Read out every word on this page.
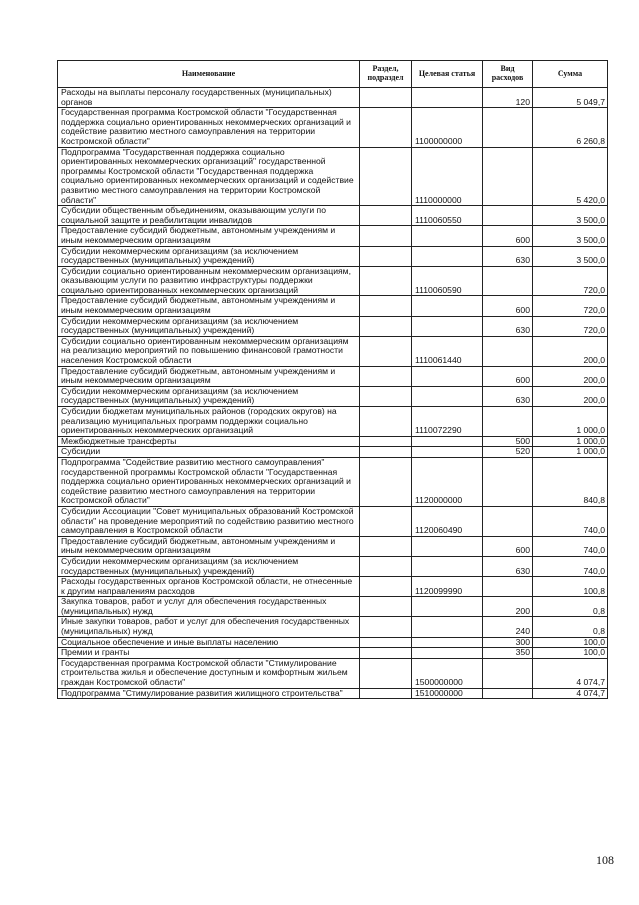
Наименование	Раздел, подраздел	Целевая статья	Вид расходов	Сумма
Расходы на выплаты персоналу государственных (муниципальных) органов			120	5 049,7
Государственная программа Костромской области "Государственная поддержка социально ориентированных некоммерческих организаций и содействие развитию местного самоуправления на территории Костромской области"		1100000000		6 260,8
Подпрограмма "Государственная поддержка социально ориентированных некоммерческих организаций" государственной программы Костромской области "Государственная поддержка социально ориентированных некоммерческих организаций и содействие развитию местного самоуправления на территории Костромской области"		1110000000		5 420,0
Субсидии общественным объединениям, оказывающим услуги по социальной защите и реабилитации инвалидов		1110060550		3 500,0
Предоставление субсидий бюджетным, автономным учреждениям и иным некоммерческим организациям			600	3 500,0
Субсидии некоммерческим организациям (за исключением государственных (муниципальных) учреждений)			630	3 500,0
Субсидии социально ориентированным некоммерческим организациям, оказывающим услуги по развитию инфраструктуры поддержки социально ориентированных некоммерческих организаций		1110060590		720,0
Предоставление субсидий бюджетным, автономным учреждениям и иным некоммерческим организациям			600	720,0
Субсидии некоммерческим организациям (за исключением государственных (муниципальных) учреждений)			630	720,0
Субсидии социально ориентированным некоммерческим организациям на реализацию мероприятий по повышению финансовой грамотности населения Костромской области		1110061440		200,0
Предоставление субсидий бюджетным, автономным учреждениям и иным некоммерческим организациям			600	200,0
Субсидии некоммерческим организациям (за исключением государственных (муниципальных) учреждений)			630	200,0
Субсидии бюджетам муниципальных районов (городских округов) на реализацию муниципальных программ поддержки социально ориентированных некоммерческих организаций		1110072290		1 000,0
Межбюджетные трансферты			500	1 000,0
Субсидии			520	1 000,0
Подпрограмма "Содействие развитию местного самоуправления" государственной программы Костромской области "Государственная поддержка социально ориентированных некоммерческих организаций и содействие развитию местного самоуправления на территории Костромской области"		1120000000		840,8
Субсидии Ассоциации "Совет муниципальных образований Костромской области" на проведение мероприятий по содействию развитию местного самоуправления в Костромской области		1120060490		740,0
Предоставление субсидий бюджетным, автономным учреждениям и иным некоммерческим организациям			600	740,0
Субсидии некоммерческим организациям (за исключением государственных (муниципальных) учреждений)			630	740,0
Расходы государственных органов Костромской области, не отнесенные к другим направлениям расходов		1120099990		100,8
Закупка товаров, работ и услуг для обеспечения государственных (муниципальных) нужд			200	0,8
Иные закупки товаров, работ и услуг для обеспечения государственных (муниципальных) нужд			240	0,8
Социальное обеспечение и иные выплаты населению			300	100,0
Премии и гранты			350	100,0
Государственная программа Костромской области "Стимулирование строительства жилья и обеспечение доступным и комфортным жильем граждан Костромской области"		1500000000		4 074,7
Подпрограмма "Стимулирование развития жилищного строительства"		1510000000		4 074,7
108
